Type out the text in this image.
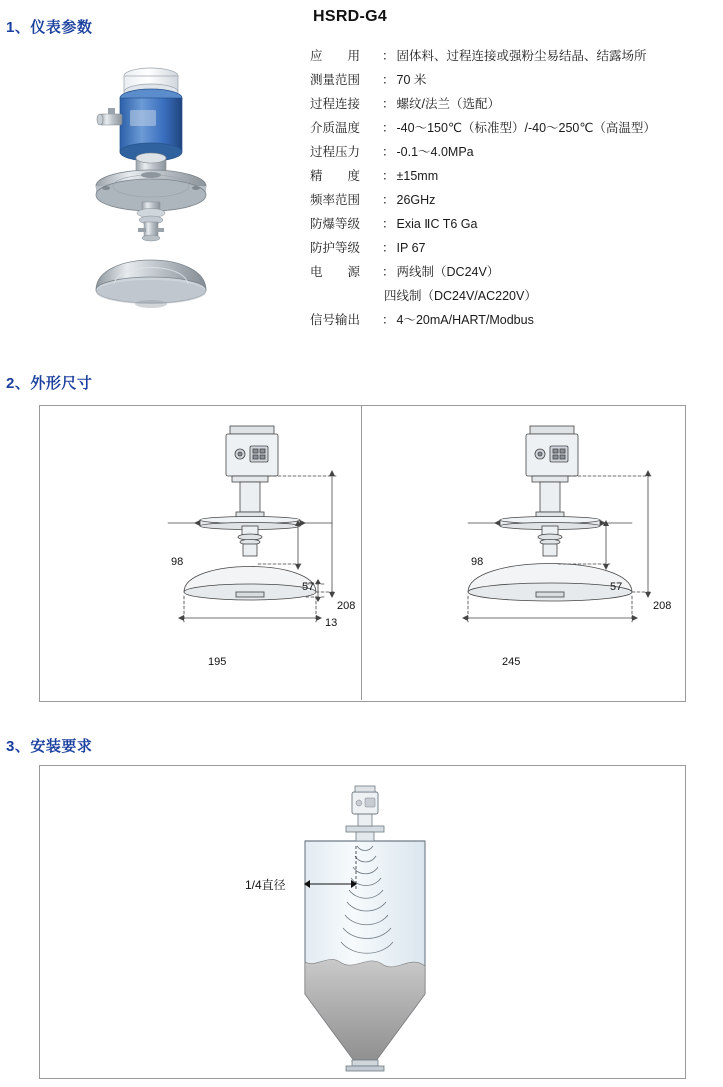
1、仪表参数
HSRD-G4
应　　用	： 固体料、过程连接或强粉尘易结晶、结露场所
测量范围	： 70 米
过程连接	： 螺纹/法兰（选配）
介质温度	： -40～150℃（标准型）/-40～250℃（高温型）
过程压力	： -0.1～4.0MPa
精　　度	： ±15mm
频率范围	： 26GHz
防爆等级	： Exia ⅡC T6 Ga
防护等级	： IP 67
电　　源	： 两线制（DC24V）
四线制（DC24V/AC220V）
信号输出	： 4～20mA/HART/Modbus
2、外形尺寸
98
208
57
13
195
98
208
57
245
3、安装要求
1/4直径
